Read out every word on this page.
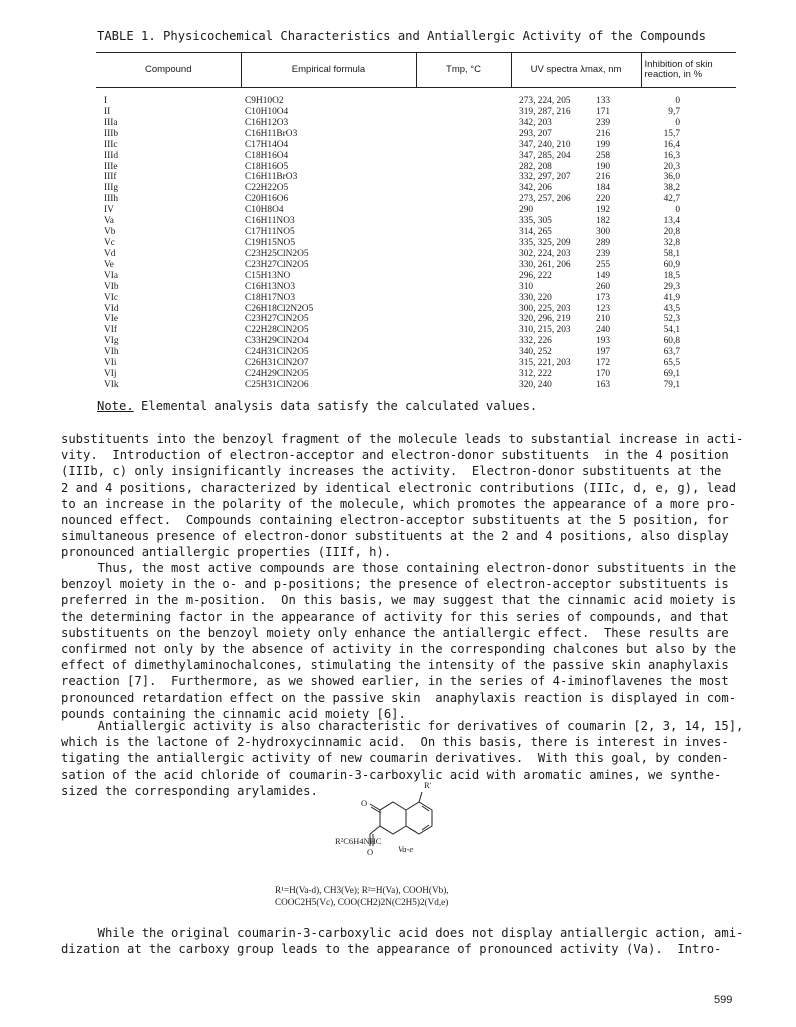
TABLE 1. Physicochemical Characteristics and Antiallergic Activity of the Compounds
Compound	Empirical formula	Tmp, °C	UV spectra λmax, nm	Inhibition of skin reaction, in %
I	C9H10O2	133	273, 224, 205	0
II	C10H10O4	171	319, 287, 216	9,7
IIIa	C16H12O3	239	342, 203	0
IIIb	C16H11BrO3	216	293, 207	15,7
IIIc	C17H14O4	199	347, 240, 210	16,4
IIId	C18H16O4	258	347, 285, 204	16,3
IIIe	C18H16O5	190	282, 208	20,3
IIIf	C16H11BrO3	216	332, 297, 207	36,0
IIIg	C22H22O5	184	342, 206	38,2
IIIh	C20H16O6	220	273, 257, 206	42,7
IV	C10H8O4	192	290	0
Va	C16H11NO3	182	335, 305	13,4
Vb	C17H11NO5	300	314, 265	20,8
Vc	C19H15NO5	289	335, 325, 209	32,8
Vd	C23H25ClN2O5	239	302, 224, 203	58,1
Ve	C23H27ClN2O5	255	330, 261, 206	60,9
VIa	C15H13NO	149	296, 222	18,5
VIb	C16H13NO3	260	310	29,3
VIc	C18H17NO3	173	330, 220	41,9
VId	C26H18Cl2N2O5	123	300, 225, 203	43,5
VIe	C23H27ClN2O5	210	320, 296, 219	52,3
VIf	C22H28ClN2O5	240	310, 215, 203	54,1
VIg	C33H29ClN2O4	193	332, 226	60,8
VIh	C24H31ClN2O5	197	340, 252	63,7
VIi	C26H31ClN2O7	172	315, 221, 203	65,5
VIj	C24H29ClN2O5	170	312, 222	69,1
VIk	C25H31ClN2O6	163	320, 240	79,1
Note. Elemental analysis data satisfy the calculated values.
substituents into the benzoyl fragment of the molecule leads to substantial increase in acti-
vity.  Introduction of electron-acceptor and electron-donor substituents  in the 4 position
(IIIb, c) only insignificantly increases the activity.  Electron-donor substituents at the
2 and 4 positions, characterized by identical electronic contributions (IIIc, d, e, g), lead
to an increase in the polarity of the molecule, which promotes the appearance of a more pro-
nounced effect.  Compounds containing electron-acceptor substituents at the 5 position, for
simultaneous presence of electron-donor substituents at the 2 and 4 positions, also display
pronounced antiallergic properties (IIIf, h).
Thus, the most active compounds are those containing electron-donor substituents in the
benzoyl moiety in the o- and p-positions; the presence of electron-acceptor substituents is
preferred in the m-position.  On this basis, we may suggest that the cinnamic acid moiety is
the determining factor in the appearance of activity for this series of compounds, and that
substituents on the benzoyl moiety only enhance the antiallergic effect.  These results are
confirmed not only by the absence of activity in the corresponding chalcones but also by the
effect of dimethylaminochalcones, stimulating the intensity of the passive skin anaphylaxis
reaction [7].  Furthermore, as we showed earlier, in the series of 4-iminoflavenes the most
pronounced retardation effect on the passive skin  anaphylaxis reaction is displayed in com-
pounds containing the cinnamic acid moiety [6].
Antiallergic activity is also characteristic for derivatives of coumarin [2, 3, 14, 15],
which is the lactone of 2-hydroxycinnamic acid.  On this basis, there is interest in inves-
tigating the antiallergic activity of new coumarin derivatives.  With this goal, by conden-
sation of the acid chloride of coumarin-3-carboxylic acid with aromatic amines, we synthe-
sized the corresponding arylamides.
While the original coumarin-3-carboxylic acid does not display antiallergic action, ami-
dization at the carboxy group leads to the appearance of pronounced activity (Va).  Intro-
R'
O
R²C6H4NHC
O	Va-e
R¹=H(Va-d), CH3(Ve); R²=H(Va), COOH(Vb),
COOC2H5(Vc), COO(CH2)2N(C2H5)2(Vd,e)
599
